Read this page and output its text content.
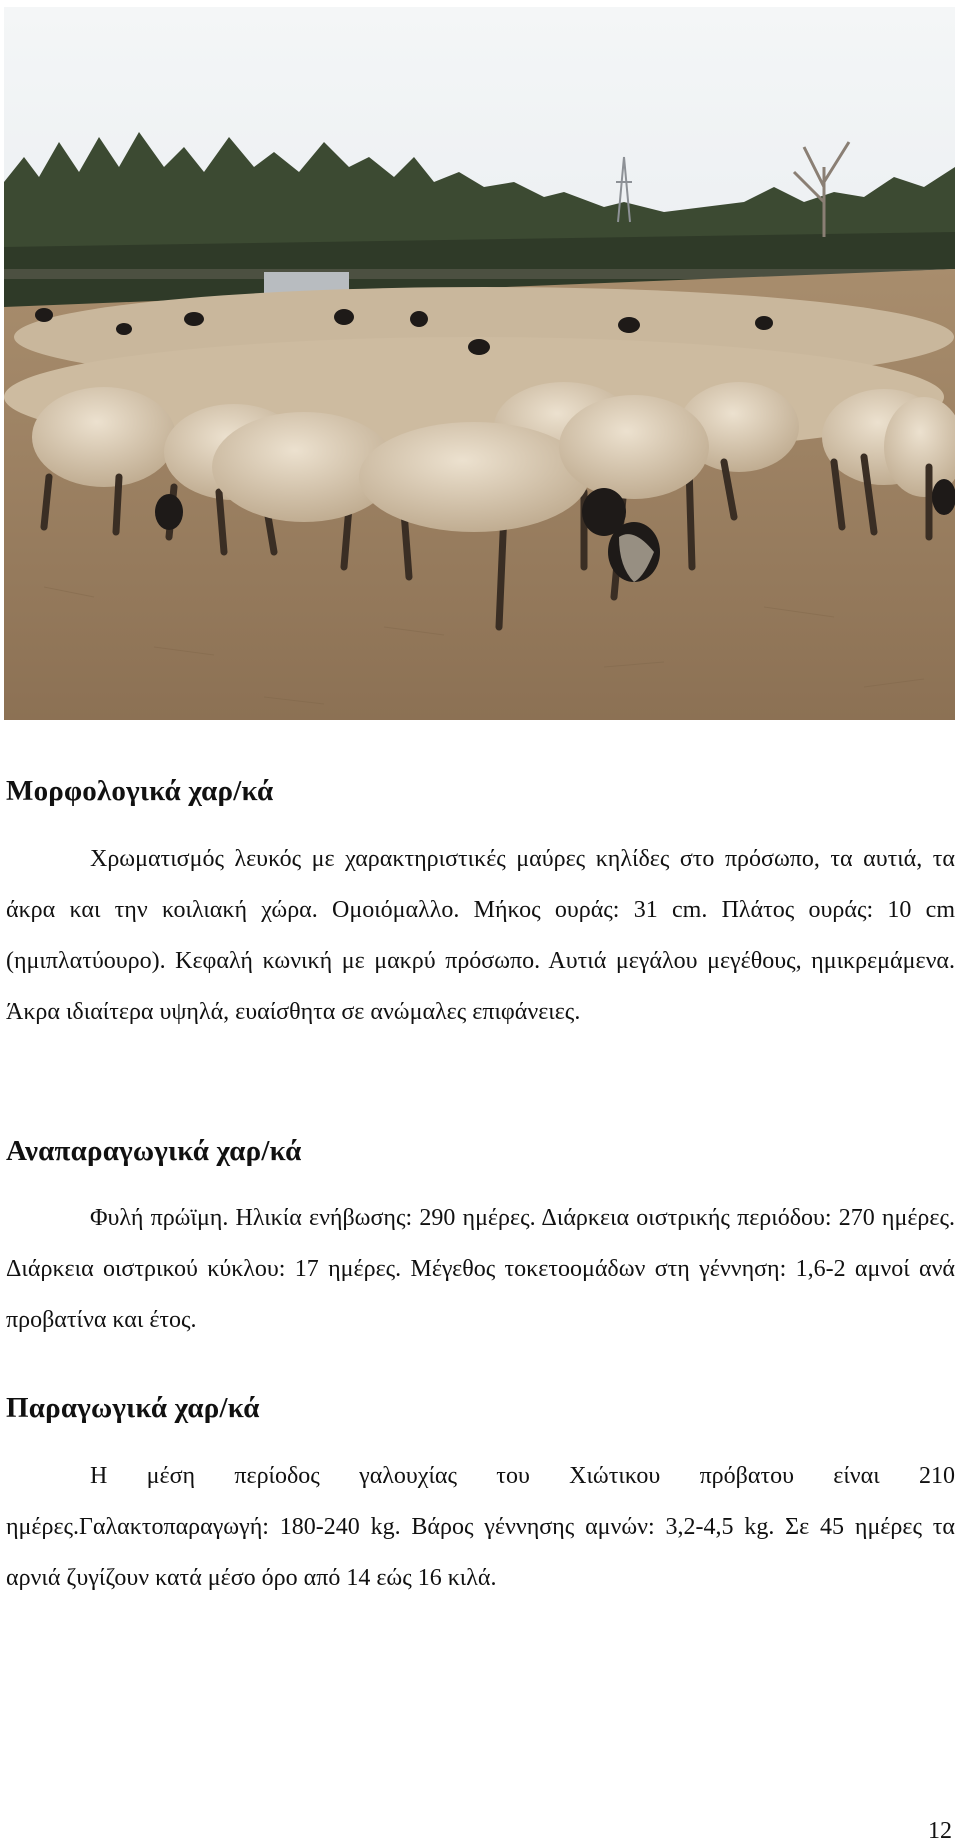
Μορφολογικά χαρ/κά

Χρωματισμός λευκός με χαρακτηριστικές μαύρες κηλίδες στο πρόσωπο, τα αυτιά, τα άκρα και την κοιλιακή χώρα. Ομοιόμαλλο. Μήκος ουράς: 31 cm. Πλάτος ουράς: 10 cm (ημιπλατύουρο). Κεφαλή κωνική με μακρύ πρόσωπο. Αυτιά μεγάλου μεγέθους, ημικρεμάμενα. Άκρα ιδιαίτερα υψηλά, ευαίσθητα σε ανώμαλες επιφάνειες.

Αναπαραγωγικά χαρ/κά

Φυλή πρώϊμη. Ηλικία ενήβωσης: 290 ημέρες. Διάρκεια οιστρικής περιόδου: 270 ημέρες. Διάρκεια οιστρικού κύκλου: 17 ημέρες. Μέγεθος τοκετοομάδων στη γέννηση: 1,6-2 αμνοί ανά προβατίνα και έτος.

Παραγωγικά χαρ/κά

Η μέση περίοδος γαλουχίας του Χιώτικου πρόβατου είναι 210 ημέρες.Γαλακτοπαραγωγή: 180-240 kg. Βάρος γέννησης αμνών: 3,2-4,5 kg. Σε 45 ημέρες τα αρνιά ζυγίζουν κατά μέσο όρο από 14 εώς 16 κιλά.

12
